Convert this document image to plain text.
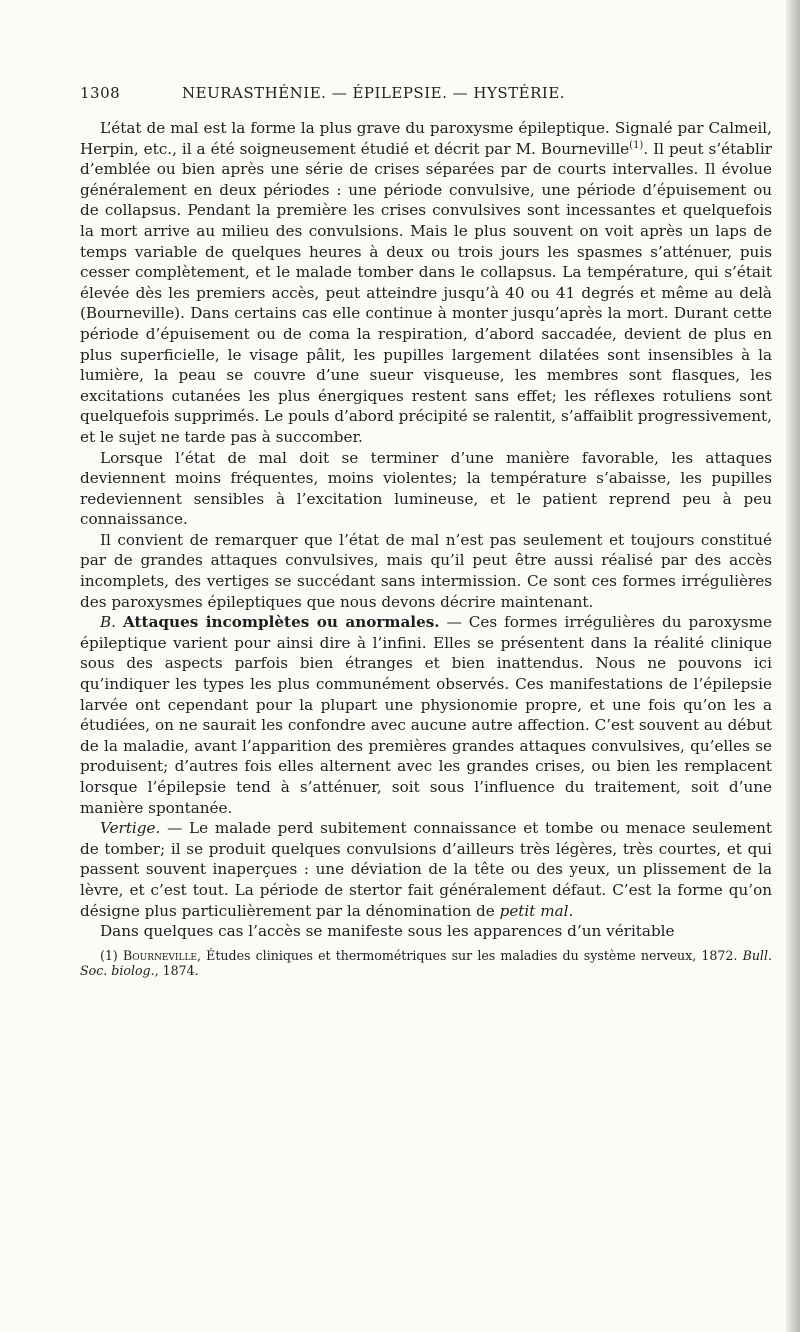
1308	NEURASTHÉNIE. — ÉPILEPSIE. — HYSTÉRIE.

L’état de mal est la forme la plus grave du paroxysme épileptique. Signalé par Calmeil, Herpin, etc., il a été soigneusement étudié et décrit par M. Bourneville$^{(1)}$. Il peut s’établir d’emblée ou bien après une série de crises séparées par de courts intervalles. Il évolue généralement en deux périodes : une période convulsive, une période d’épuisement ou de collapsus. Pendant la première les crises convulsives sont incessantes et quelquefois la mort arrive au milieu des convulsions. Mais le plus souvent on voit après un laps de temps variable de quelques heures à deux ou trois jours les spasmes s’atténuer, puis cesser complètement, et le malade tomber dans le collapsus. La température, qui s’était élevée dès les premiers accès, peut atteindre jusqu’à 40 ou 41 degrés et même au delà (Bourneville). Dans certains cas elle continue à monter jusqu’après la mort. Durant cette période d’épuisement ou de coma la respiration, d’abord saccadée, devient de plus en plus superficielle, le visage pâlit, les pupilles largement dilatées sont insensibles à la lumière, la peau se couvre d’une sueur visqueuse, les membres sont flasques, les excitations cutanées les plus énergiques restent sans effet; les réflexes rotuliens sont quelquefois supprimés. Le pouls d’abord précipité se ralentit, s’affaiblit progressivement, et le sujet ne tarde pas à succomber.

Lorsque l’état de mal doit se terminer d’une manière favorable, les attaques deviennent moins fréquentes, moins violentes; la température s’abaisse, les pupilles redeviennent sensibles à l’excitation lumineuse, et le patient reprend peu à peu connaissance.

Il convient de remarquer que l’état de mal n’est pas seulement et toujours constitué par de grandes attaques convulsives, mais qu’il peut être aussi réalisé par des accès incomplets, des vertiges se succédant sans intermission. Ce sont ces formes irrégulières des paroxysmes épileptiques que nous devons décrire maintenant.

B. Attaques incomplètes ou anormales. — Ces formes irrégulières du paroxysme épileptique varient pour ainsi dire à l’infini. Elles se présentent dans la réalité clinique sous des aspects parfois bien étranges et bien inattendus. Nous ne pouvons ici qu’indiquer les types les plus communément observés. Ces manifestations de l’épilepsie larvée ont cependant pour la plupart une physionomie propre, et une fois qu’on les a étudiées, on ne saurait les confondre avec aucune autre affection. C’est souvent au début de la maladie, avant l’apparition des premières grandes attaques convulsives, qu’elles se produisent; d’autres fois elles alternent avec les grandes crises, ou bien les remplacent lorsque l’épilepsie tend à s’atténuer, soit sous l’influence du traitement, soit d’une manière spontanée.

Vertige. — Le malade perd subitement connaissance et tombe ou menace seulement de tomber; il se produit quelques convulsions d’ailleurs très légères, très courtes, et qui passent souvent inaperçues : une déviation de la tête ou des yeux, un plissement de la lèvre, et c’est tout. La période de stertor fait généralement défaut. C’est la forme qu’on désigne plus particulièrement par la dénomination de petit mal.

Dans quelques cas l’accès se manifeste sous les apparences d’un véritable

(1) Bourneville, Études cliniques et thermométriques sur les maladies du système nerveux, 1872. Bull. Soc. biolog., 1874.
